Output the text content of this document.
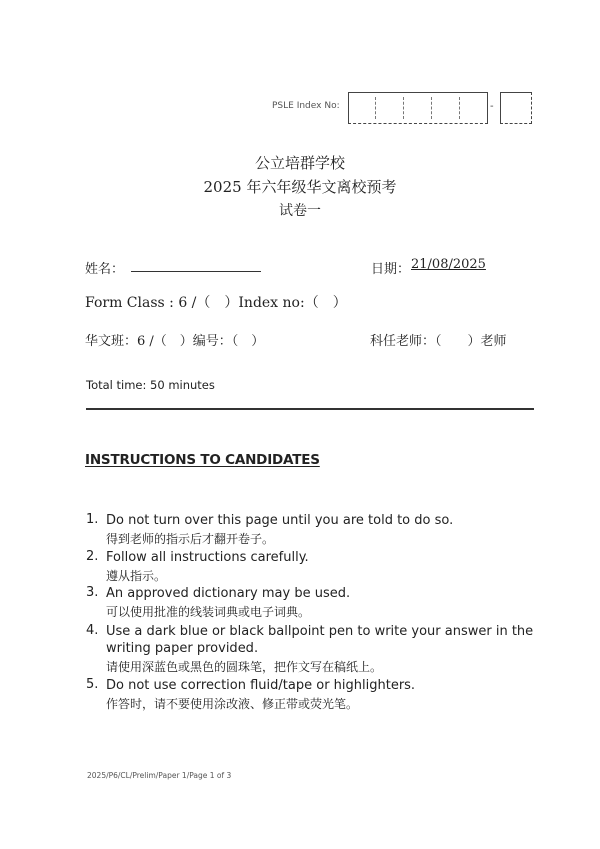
PSLE Index No:	-
公立培群学校
2025 年六年级华文离校预考
试卷一
姓名：	日期： 21/08/2025
Form Class : 6 /（　）Index no:（　）
华文班：6 /（　）编号：（　）	科任老师：（　　）老师
Total time: 50 minutes
INSTRUCTIONS TO CANDIDATES
1. Do not turn over this page until you are told to do so.
得到老师的指示后才翻开卷子。
2. Follow all instructions carefully.
遵从指示。
3. An approved dictionary may be used.
可以使用批准的线装词典或电子词典。
4. Use a dark blue or black ballpoint pen to write your answer in the writing paper provided.
请使用深蓝色或黑色的圆珠笔，把作文写在稿纸上。
5. Do not use correction fluid/tape or highlighters.
作答时，请不要使用涂改液、修正带或荧光笔。
2025/P6/CL/Prelim/Paper 1/Page 1 of 3
